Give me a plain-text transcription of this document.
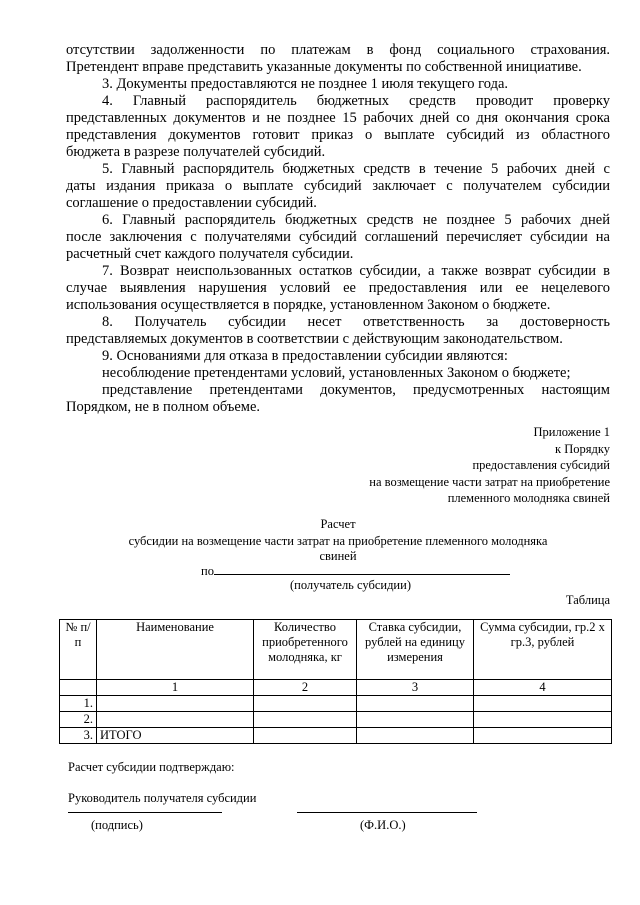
отсутствии задолженности по платежам в фонд социального страхования.
Претендент вправе представить указанные документы по собственной инициативе.
3. Документы предоставляются не позднее 1 июля текущего года.
4. Главный распорядитель бюджетных средств проводит проверку
представленных документов и не позднее 15 рабочих дней со дня окончания срока
представления документов готовит приказ о выплате субсидий из областного
бюджета в разрезе получателей субсидий.
5. Главный распорядитель бюджетных средств в течение 5 рабочих дней с
даты издания приказа о выплате субсидий заключает с получателем субсидии
соглашение о предоставлении субсидий.
6. Главный распорядитель бюджетных средств не позднее 5 рабочих дней
после заключения с получателями субсидий соглашений перечисляет субсидии на
расчетный счет каждого получателя субсидии.
7. Возврат неиспользованных остатков субсидии, а также возврат субсидии в
случае выявления нарушения условий ее предоставления или ее нецелевого
использования осуществляется в порядке, установленном Законом о бюджете.
8. Получатель субсидии несет ответственность за достоверность
представляемых документов в соответствии с действующим законодательством.
9. Основаниями для отказа в предоставлении субсидии являются:
несоблюдение претендентами условий, установленных Законом о бюджете;
представление претендентами документов, предусмотренных настоящим
Порядком, не в полном объеме.
Приложение 1
к Порядку
предоставления субсидий
на возмещение части затрат на приобретение
племенного молодняка свиней
Расчет
субсидии на возмещение части затрат на приобретение племенного молодняка
свиней
по
(получатель субсидии)
Таблица
№ п/п	Наименование	Количество приобретенного молодняка, кг	Ставка субсидии, рублей на единицу измерения	Сумма субсидии, гр.2 х гр.3, рублей
	1	2	3	4
1.				
2.				
3.	ИТОГО			
Расчет субсидии подтверждаю:
Руководитель получателя субсидии
(подпись)	(Ф.И.О.)
